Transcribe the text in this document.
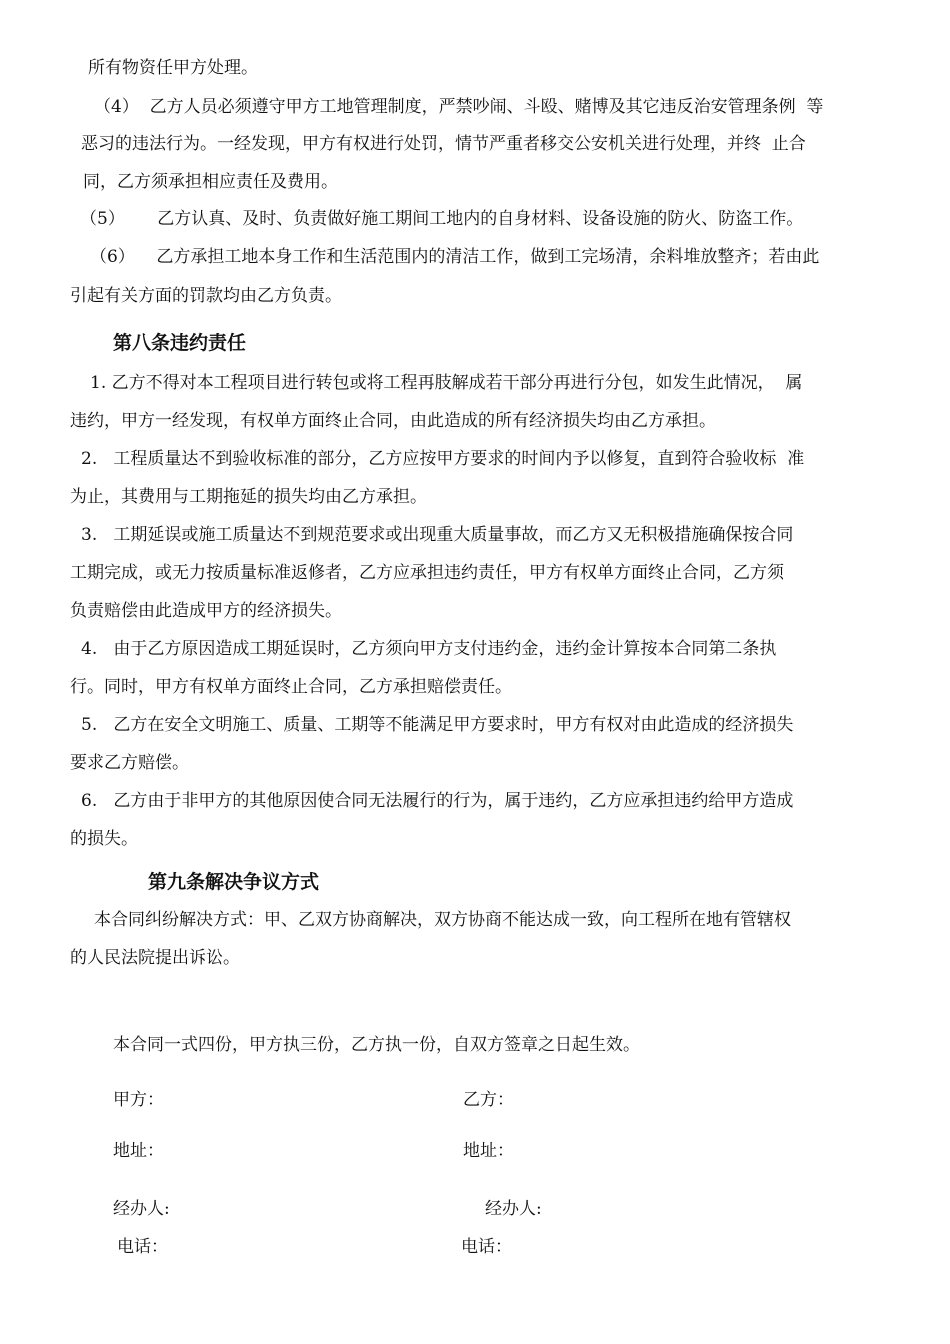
所有物资任甲方处理。
（4）  乙方人员必须遵守甲方工地管理制度，严禁吵闹、斗殴、赌博及其它违反治安管理条例  等
恶习的违法行为。一经发现，甲方有权进行处罚，情节严重者移交公安机关进行处理，并终  止合
同，乙方须承担相应责任及费用。
（5）      乙方认真、及时、负责做好施工期间工地内的自身材料、设备设施的防火、防盗工作。
（6）    乙方承担工地本身工作和生活范围内的清洁工作，做到工完场清，余料堆放整齐；若由此
引起有关方面的罚款均由乙方负责。
第八条违约责任
1. 乙方不得对本工程项目进行转包或将工程再肢解成若干部分再进行分包，如发生此情况，  属
违约，甲方一经发现，有权单方面终止合同，由此造成的所有经济损失均由乙方承担。
2.   工程质量达不到验收标准的部分，乙方应按甲方要求的时间内予以修复，直到符合验收标  准
为止，其费用与工期拖延的损失均由乙方承担。
3.   工期延误或施工质量达不到规范要求或出现重大质量事故，而乙方又无积极措施确保按合同
工期完成，或无力按质量标准返修者，乙方应承担违约责任，甲方有权单方面终止合同，乙方须
负责赔偿由此造成甲方的经济损失。
4.   由于乙方原因造成工期延误时，乙方须向甲方支付违约金，违约金计算按本合同第二条执
行。同时，甲方有权单方面终止合同，乙方承担赔偿责任。
5.   乙方在安全文明施工、质量、工期等不能满足甲方要求时，甲方有权对由此造成的经济损失
要求乙方赔偿。
6.   乙方由于非甲方的其他原因使合同无法履行的行为，属于违约，乙方应承担违约给甲方造成
的损失。
第九条解决争议方式
本合同纠纷解决方式：甲、乙双方协商解决，双方协商不能达成一致，向工程所在地有管辖权
的人民法院提出诉讼。
本合同一式四份，甲方执三份，乙方执一份，自双方签章之日起生效。
甲方：	乙方：
地址：	地址：
经办人:	经办人:
电话：	电话：
